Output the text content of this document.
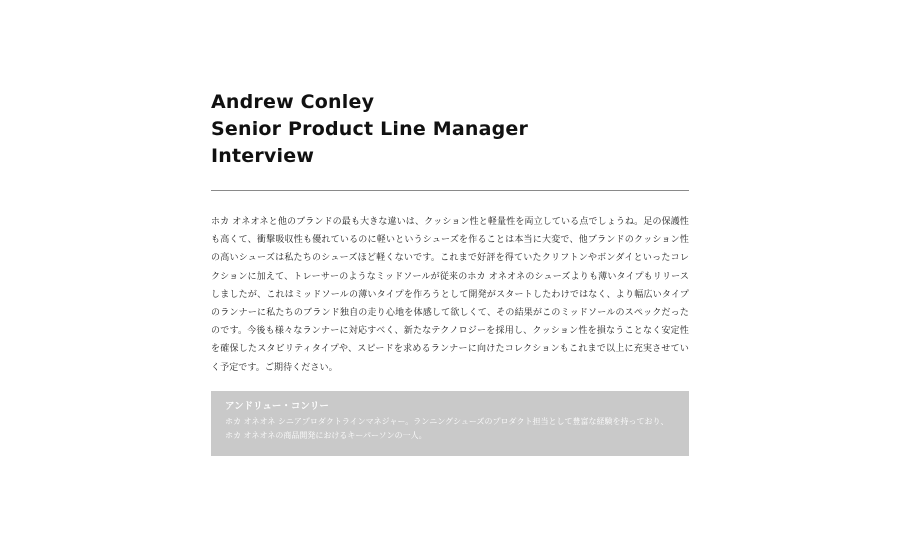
Andrew Conley
Senior Product Line Manager
Interview

ホカ オネオネと他のブランドの最も大きな違いは、クッション性と軽量性を両立している点でしょうね。足の保護性も高くて、衝撃吸収性も優れているのに軽いというシューズを作ることは本当に大変で、他ブランドのクッション性の高いシューズは私たちのシューズほど軽くないです。これまで好評を得ていたクリフトンやボンダイといったコレクションに加えて、トレーサーのようなミッドソールが従来のホカ オネオネのシューズよりも薄いタイプもリリースしましたが、これはミッドソールの薄いタイプを作ろうとして開発がスタートしたわけではなく、より幅広いタイプのランナーに私たちのブランド独自の走り心地を体感して欲しくて、その結果がこのミッドソールのスペックだったのです。今後も様々なランナーに対応すべく、新たなテクノロジーを採用し、クッション性を損なうことなく安定性を確保したスタビリティタイプや、スピードを求めるランナーに向けたコレクションもこれまで以上に充実させていく予定です。ご期待ください。

アンドリュー・コンリー

ホカ オネオネ シニアプロダクトラインマネジャー。ランニングシューズのプロダクト担当として豊富な経験を持っており、ホカ オネオネの商品開発におけるキーパーソンの一人。
